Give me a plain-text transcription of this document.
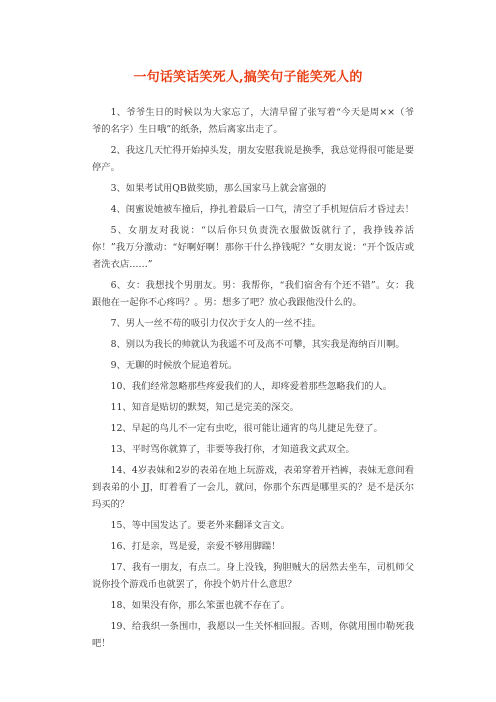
一句话笑话笑死人,搞笑句子能笑死人的
1、爷爷生日的时候以为大家忘了，大清早留了张写着“今天是周××（爷爷的名字）生日哦”的纸条，然后离家出走了。
2、我这几天忙得开始掉头发，朋友安慰我说是换季，我总觉得很可能是要停产。
3、如果考试用QB做奖励，那么国家马上就会富强的
4、闺蜜说她被车撞后，挣扎着最后一口气，清空了手机短信后才昏过去！
5、女朋友对我说：“以后你只负责洗衣服做饭就行了，我挣钱养活你！”我万分激动：“好啊好啊！那你干什么挣钱呢？”女朋友说：“开个饭店或者洗衣店……”
6、女：我想找个男朋友。男：我帮你，“我们宿舍有个还不错”。女：我跟他在一起你不心疼吗？。男：想多了吧？放心我跟他没什么的。
7、男人一丝不苟的吸引力仅次于女人的一丝不挂。
8、别以为我长的帅就认为我遥不可及高不可攀，其实我是海纳百川啊。
9、无聊的时候放个屁追着玩。
10、我们经常忽略那些疼爱我们的人，却疼爱着那些忽略我们的人。
11、知音是贴切的默契，知己是完美的深交。
12、早起的鸟儿不一定有虫吃，很可能让通宵的鸟儿捷足先登了。
13、平时骂你就算了，非要等我打你，才知道我文武双全。
14、4岁表妹和2岁的表弟在地上玩游戏，表弟穿着开裆裤，表妹无意间看到表弟的小 JJ，盯着看了一会儿，就问，你那个东西是哪里买的？是不是沃尔玛买的？
15、等中国发达了。要老外来翻译文言文。
16、打是亲，骂是爱，亲爱不够用脚踹！
17、我有一朋友，有点二。身上没钱，狗胆贼大的居然去坐车，司机师父说你投个游戏币也就罢了，你投个奶片什么意思？
18、如果没有你，那么笨蛋也就不存在了。
19、给我织一条围巾，我愿以一生关怀相回报。否则，你就用围巾勒死我吧！
